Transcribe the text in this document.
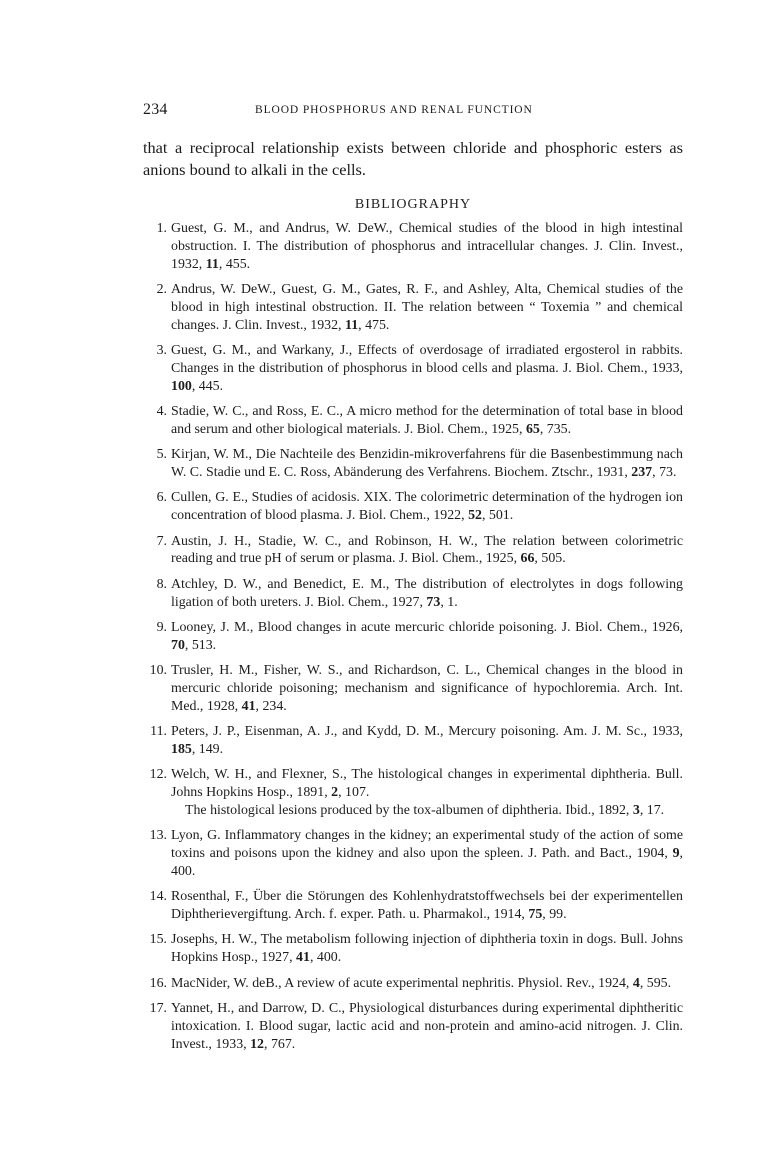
234	BLOOD PHOSPHORUS AND RENAL FUNCTION

that a reciprocal relationship exists between chloride and phosphoric esters as anions bound to alkali in the cells.

BIBLIOGRAPHY
1. Guest, G. M., and Andrus, W. DeW., Chemical studies of the blood in high intestinal obstruction. I. The distribution of phosphorus and intracellular changes. J. Clin. Invest., 1932, 11, 455.
2. Andrus, W. DeW., Guest, G. M., Gates, R. F., and Ashley, Alta, Chemical studies of the blood in high intestinal obstruction. II. The relation between “ Toxemia ” and chemical changes. J. Clin. Invest., 1932, 11, 475.
3. Guest, G. M., and Warkany, J., Effects of overdosage of irradiated ergosterol in rabbits. Changes in the distribution of phosphorus in blood cells and plasma. J. Biol. Chem., 1933, 100, 445.
4. Stadie, W. C., and Ross, E. C., A micro method for the determination of total base in blood and serum and other biological materials. J. Biol. Chem., 1925, 65, 735.
5. Kirjan, W. M., Die Nachteile des Benzidin-mikroverfahrens für die Basenbestimmung nach W. C. Stadie und E. C. Ross, Abänderung des Verfahrens. Biochem. Ztschr., 1931, 237, 73.
6. Cullen, G. E., Studies of acidosis. XIX. The colorimetric determination of the hydrogen ion concentration of blood plasma. J. Biol. Chem., 1922, 52, 501.
7. Austin, J. H., Stadie, W. C., and Robinson, H. W., The relation between colorimetric reading and true pH of serum or plasma. J. Biol. Chem., 1925, 66, 505.
8. Atchley, D. W., and Benedict, E. M., The distribution of electrolytes in dogs following ligation of both ureters. J. Biol. Chem., 1927, 73, 1.
9. Looney, J. M., Blood changes in acute mercuric chloride poisoning. J. Biol. Chem., 1926, 70, 513.
10. Trusler, H. M., Fisher, W. S., and Richardson, C. L., Chemical changes in the blood in mercuric chloride poisoning; mechanism and significance of hypochloremia. Arch. Int. Med., 1928, 41, 234.
11. Peters, J. P., Eisenman, A. J., and Kydd, D. M., Mercury poisoning. Am. J. M. Sc., 1933, 185, 149.
12. Welch, W. H., and Flexner, S., The histological changes in experimental diphtheria. Bull. Johns Hopkins Hosp., 1891, 2, 107.
The histological lesions produced by the tox-albumen of diphtheria. Ibid., 1892, 3, 17.
13. Lyon, G. Inflammatory changes in the kidney; an experimental study of the action of some toxins and poisons upon the kidney and also upon the spleen. J. Path. and Bact., 1904, 9, 400.
14. Rosenthal, F., Über die Störungen des Kohlenhydratstoffwechsels bei der experimentellen Diphtherievergiftung. Arch. f. exper. Path. u. Pharmakol., 1914, 75, 99.
15. Josephs, H. W., The metabolism following injection of diphtheria toxin in dogs. Bull. Johns Hopkins Hosp., 1927, 41, 400.
16. MacNider, W. deB., A review of acute experimental nephritis. Physiol. Rev., 1924, 4, 595.
17. Yannet, H., and Darrow, D. C., Physiological disturbances during experimental diphtheritic intoxication. I. Blood sugar, lactic acid and non-protein and amino-acid nitrogen. J. Clin. Invest., 1933, 12, 767.
